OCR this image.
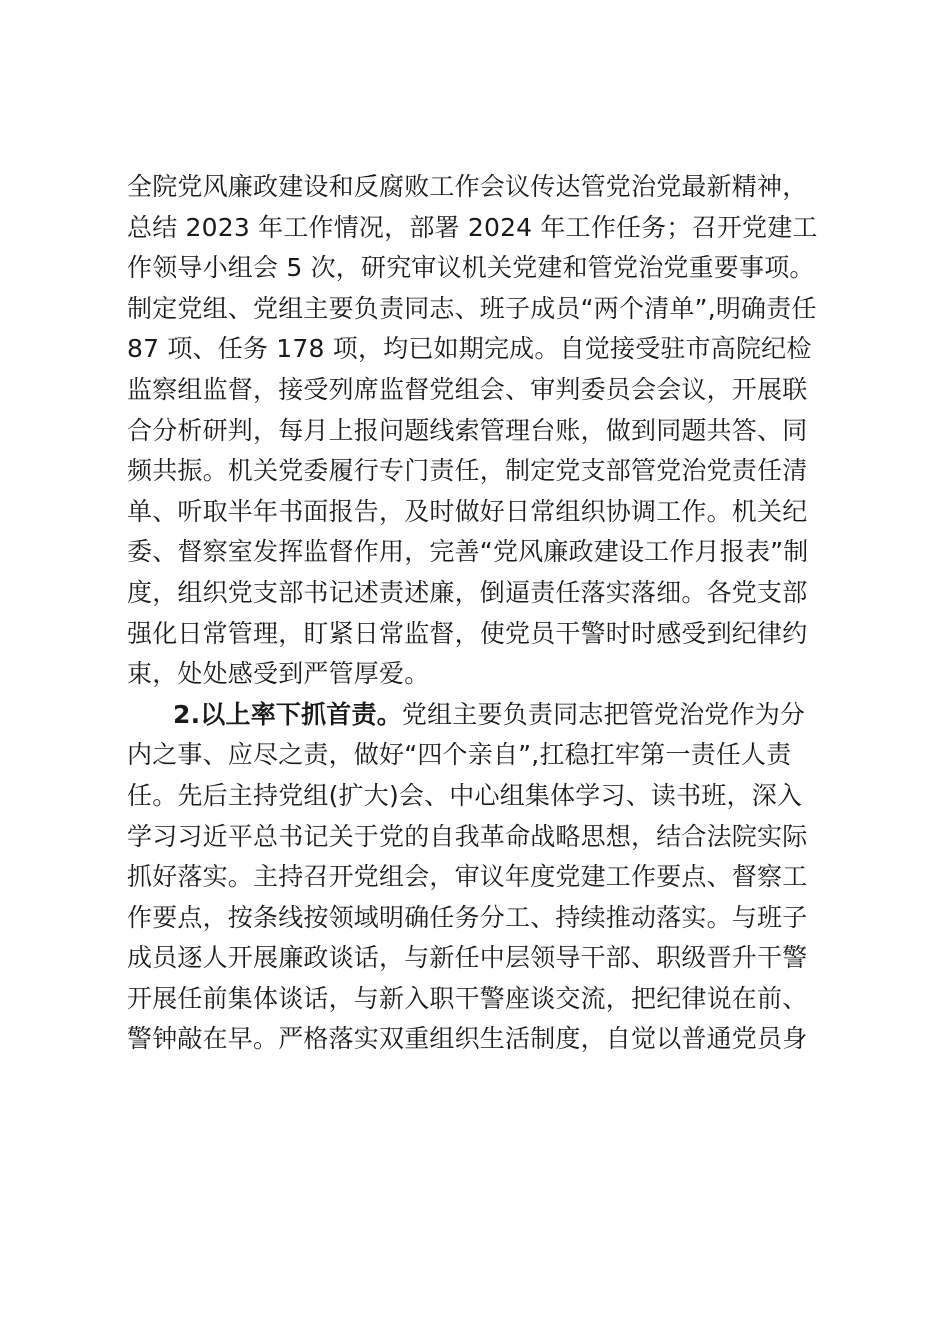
全院党风廉政建设和反腐败工作会议传达管党治党最新精神，
总结 2023 年工作情况，部署 2024 年工作任务；召开党建工
作领导小组会 5 次，研究审议机关党建和管党治党重要事项。
制定党组、党组主要负责同志、班子成员“两个清单”,明确责任
87 项、任务 178 项，均已如期完成。自觉接受驻市高院纪检
监察组监督，接受列席监督党组会、审判委员会会议，开展联
合分析研判，每月上报问题线索管理台账，做到同题共答、同
频共振。机关党委履行专门责任，制定党支部管党治党责任清
单、听取半年书面报告，及时做好日常组织协调工作。机关纪
委、督察室发挥监督作用，完善“党风廉政建设工作月报表”制
度，组织党支部书记述责述廉，倒逼责任落实落细。各党支部
强化日常管理，盯紧日常监督，使党员干警时时感受到纪律约
束，处处感受到严管厚爱。
2.以上率下抓首责。党组主要负责同志把管党治党作为分
内之事、应尽之责，做好“四个亲自”,扛稳扛牢第一责任人责
任。先后主持党组(扩大)会、中心组集体学习、读书班，深入
学习习近平总书记关于党的自我革命战略思想，结合法院实际
抓好落实。主持召开党组会，审议年度党建工作要点、督察工
作要点，按条线按领域明确任务分工、持续推动落实。与班子
成员逐人开展廉政谈话，与新任中层领导干部、职级晋升干警
开展任前集体谈话，与新入职干警座谈交流，把纪律说在前、
警钟敲在早。严格落实双重组织生活制度，自觉以普通党员身
